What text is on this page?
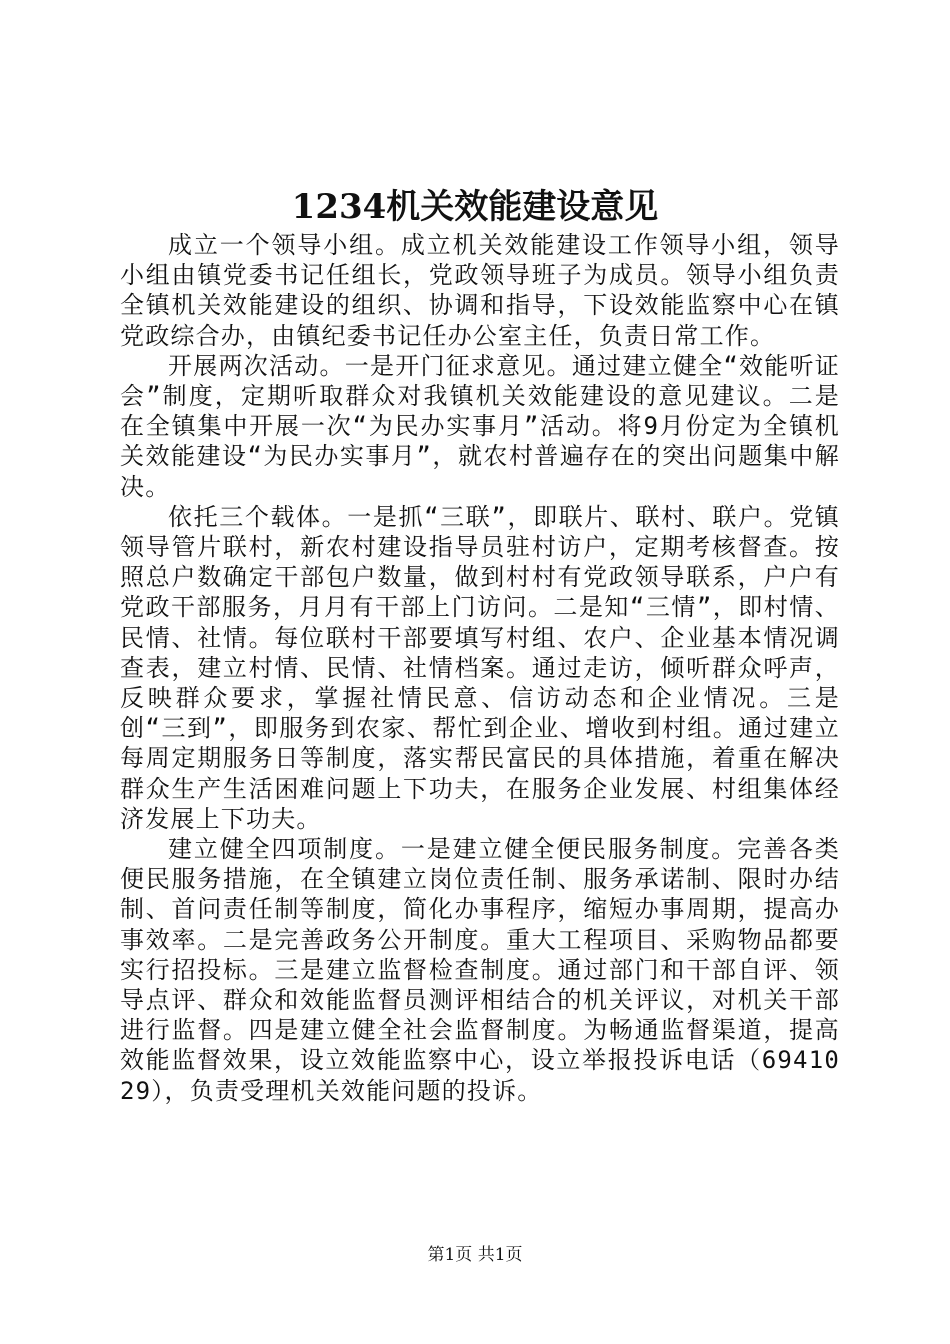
1234机关效能建设意见

成立一个领导小组。成立机关效能建设工作领导小组，领导小组由镇党委书记任组长，党政领导班子为成员。领导小组负责全镇机关效能建设的组织、协调和指导，下设效能监察中心在镇党政综合办，由镇纪委书记任办公室主任，负责日常工作。

开展两次活动。一是开门征求意见。通过建立健全“效能听证会”制度，定期听取群众对我镇机关效能建设的意见建议。二是在全镇集中开展一次“为民办实事月”活动。将9月份定为全镇机关效能建设“为民办实事月”，就农村普遍存在的突出问题集中解决。

依托三个载体。一是抓“三联”，即联片、联村、联户。党镇领导管片联村，新农村建设指导员驻村访户，定期考核督查。按照总户数确定干部包户数量，做到村村有党政领导联系，户户有党政干部服务，月月有干部上门访问。二是知“三情”，即村情、民情、社情。每位联村干部要填写村组、农户、企业基本情况调查表，建立村情、民情、社情档案。通过走访，倾听群众呼声，反映群众要求，掌握社情民意、信访动态和企业情况。三是创“三到”，即服务到农家、帮忙到企业、增收到村组。通过建立每周定期服务日等制度，落实帮民富民的具体措施，着重在解决群众生产生活困难问题上下功夫，在服务企业发展、村组集体经济发展上下功夫。

建立健全四项制度。一是建立健全便民服务制度。完善各类便民服务措施，在全镇建立岗位责任制、服务承诺制、限时办结制、首问责任制等制度，简化办事程序，缩短办事周期，提高办事效率。二是完善政务公开制度。重大工程项目、采购物品都要实行招投标。三是建立监督检查制度。通过部门和干部自评、领导点评、群众和效能监督员测评相结合的机关评议，对机关干部进行监督。四是建立健全社会监督制度。为畅通监督渠道，提高效能监督效果，设立效能监察中心，设立举报投诉电话（6941029），负责受理机关效能问题的投诉。

第1页 共1页
